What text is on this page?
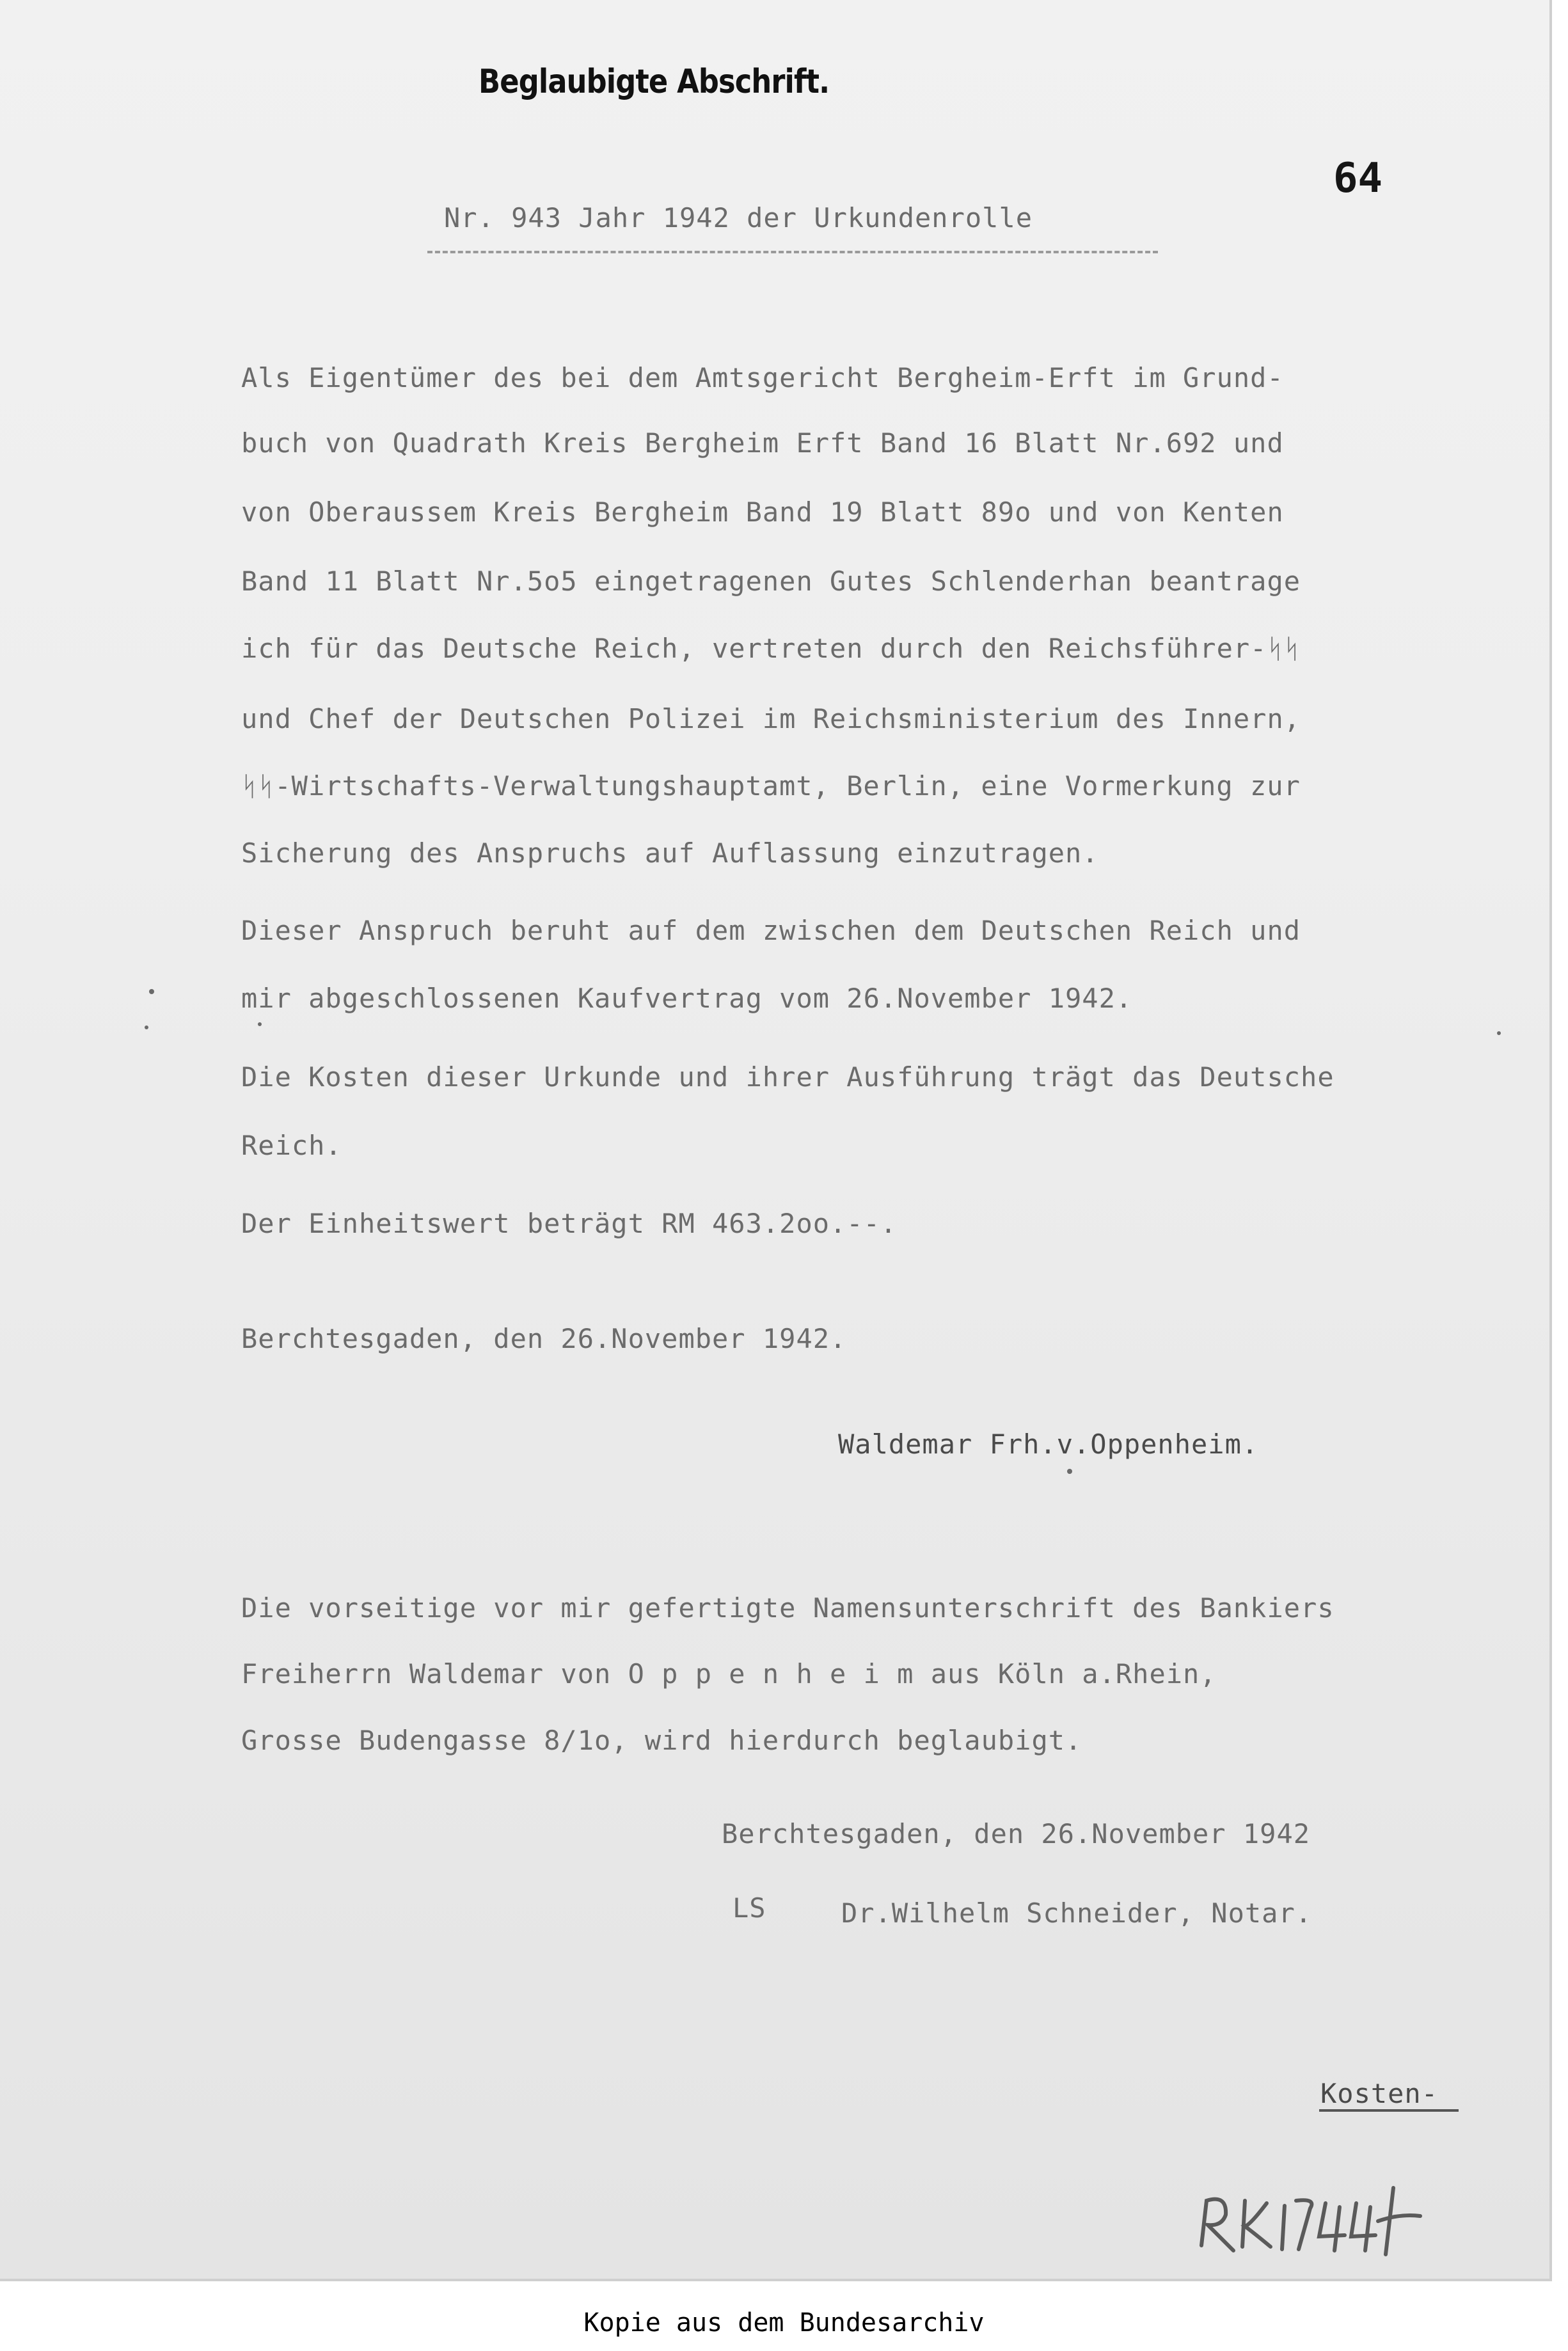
Beglaubigte Abschrift.
64
Nr. 943 Jahr 1942 der Urkundenrolle
Als Eigentümer des bei dem Amtsgericht Bergheim-Erft im Grund-
buch von Quadrath Kreis Bergheim Erft Band 16 Blatt Nr.692 und
von Oberaussem Kreis Bergheim Band 19 Blatt 89o und von Kenten
Band 11 Blatt Nr.5o5 eingetragenen Gutes Schlenderhan beantrage
ich für das Deutsche Reich, vertreten durch den Reichsführer-ᛋᛋ
und Chef der Deutschen Polizei im Reichsministerium des Innern,
ᛋᛋ-Wirtschafts-Verwaltungshauptamt, Berlin, eine Vormerkung zur
Sicherung des Anspruchs auf Auflassung einzutragen.
Dieser Anspruch beruht auf dem zwischen dem Deutschen Reich und
mir abgeschlossenen Kaufvertrag vom 26.November 1942.
Die Kosten dieser Urkunde und ihrer Ausführung trägt das Deutsche
Reich.
Der Einheitswert beträgt RM 463.2oo.--.
Berchtesgaden, den 26.November 1942.
Waldemar Frh.v.Oppenheim.
Die vorseitige vor mir gefertigte Namensunterschrift des Bankiers
Freiherrn Waldemar von O p p e n h e i m aus Köln a.Rhein,
Grosse Budengasse 8/1o, wird hierdurch beglaubigt.
Berchtesgaden, den 26.November 1942
LS	Dr.Wilhelm Schneider, Notar.
Kosten-
Kopie aus dem Bundesarchiv
